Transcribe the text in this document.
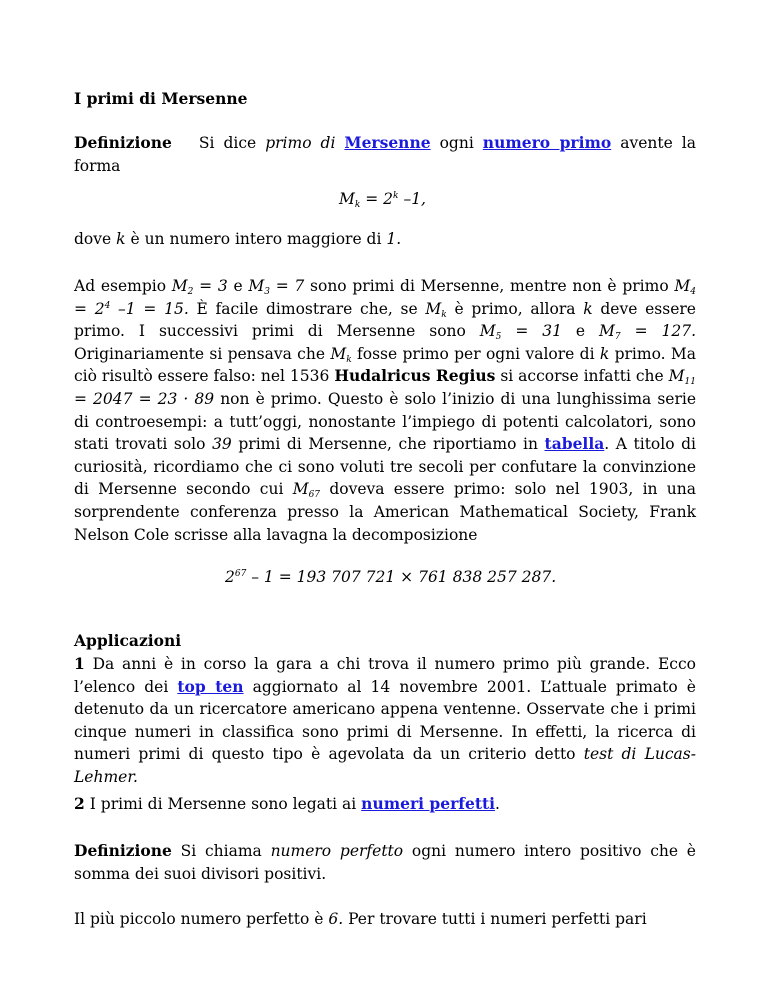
I primi di Mersenne
Definizione Si dice primo di Mersenne ogni numero primo avente la forma
$M_k = 2^k$ –1,
dove k è un numero intero maggiore di 1.
Ad esempio $M_2 = 3$ e $M_3 = 7$ sono primi di Mersenne, mentre non è primo $M_4 = 2^4$ –1 = 15. È facile dimostrare che, se $M_k$ è primo, allora k deve essere primo. I successivi primi di Mersenne sono $M_5 = 31$ e $M_7 = 127$. Originariamente si pensava che $M_k$ fosse primo per ogni valore di k primo. Ma ciò risultò essere falso: nel 1536 Hudalricus Regius si accorse infatti che $M_{11} = 2047 = 23 \cdot 89$ non è primo. Questo è solo l’inizio di una lunghissima serie di controesempi: a tutt’oggi, nonostante l’impiego di potenti calcolatori, sono stati trovati solo 39 primi di Mersenne, che riportiamo in tabella. A titolo di curiosità, ricordiamo che ci sono voluti tre secoli per confutare la convinzione di Mersenne secondo cui $M_{67}$ doveva essere primo: solo nel 1903, in una sorprendente conferenza presso la American Mathematical Society, Frank Nelson Cole scrisse alla lavagna la decomposizione
$2^{67} - 1 = 193$ 707 721 × 761 838 257 287.
Applicazioni
1 Da anni è in corso la gara a chi trova il numero primo più grande. Ecco l’elenco dei top ten aggiornato al 14 novembre 2001. L’attuale primato è detenuto da un ricercatore americano appena ventenne. Osservate che i primi cinque numeri in classifica sono primi di Mersenne. In effetti, la ricerca di numeri primi di questo tipo è agevolata da un criterio detto test di Lucas-Lehmer.
2 I primi di Mersenne sono legati ai numeri perfetti.
Definizione Si chiama numero perfetto ogni numero intero positivo che è somma dei suoi divisori positivi.
Il più piccolo numero perfetto è 6. Per trovare tutti i numeri perfetti pari
